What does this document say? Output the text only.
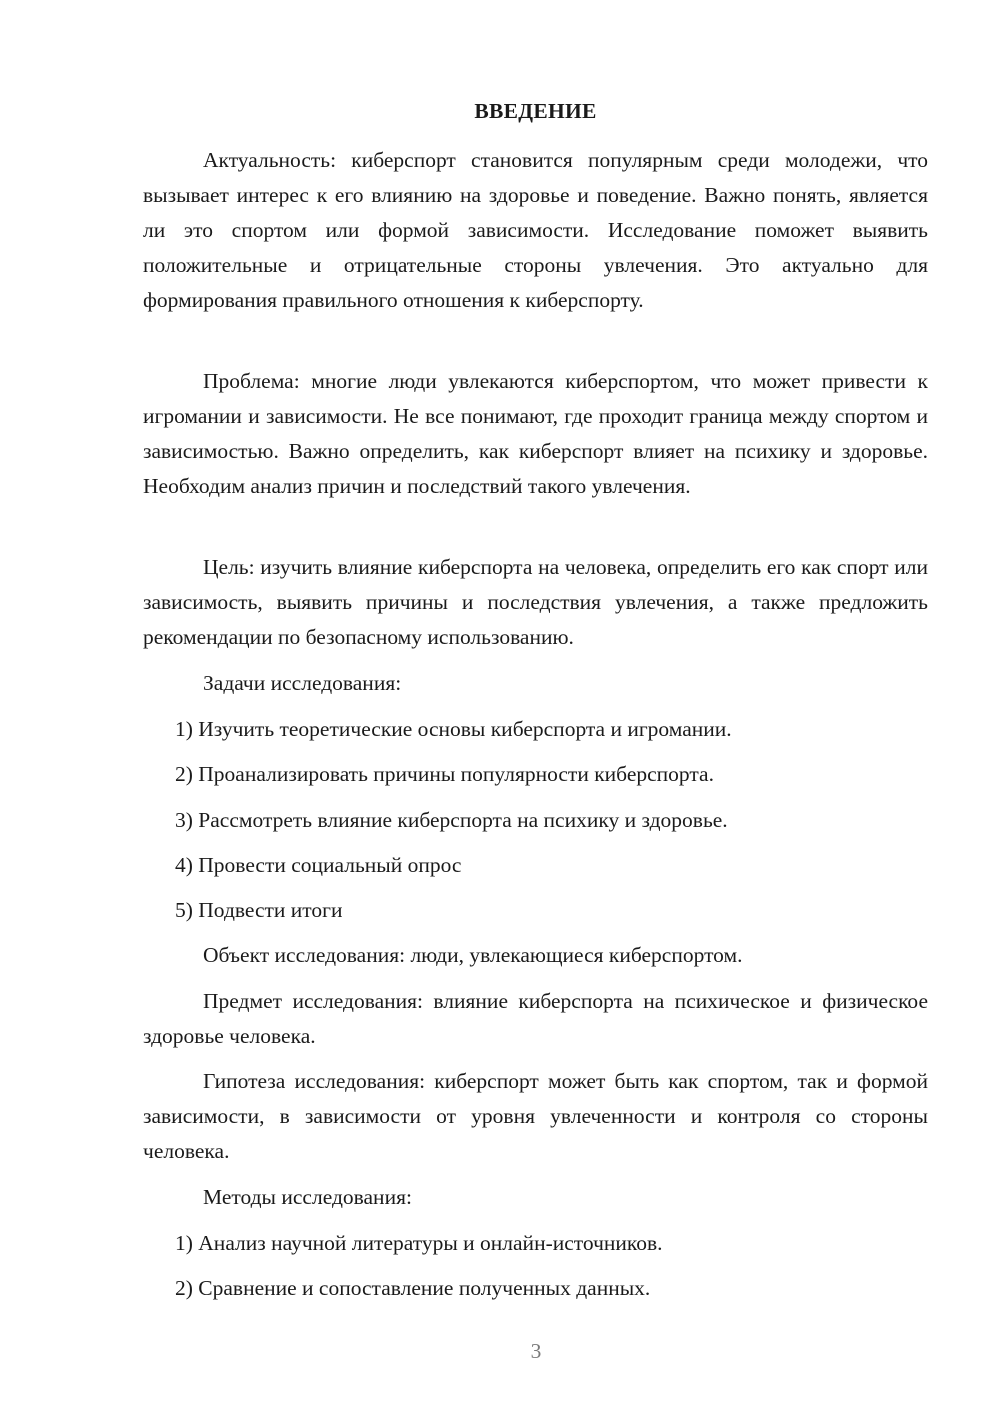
ВВЕДЕНИЕ

Актуальность: киберспорт становится популярным среди молодежи, что вызывает интерес к его влиянию на здоровье и поведение. Важно понять, является ли это спортом или формой зависимости. Исследование поможет выявить положительные и отрицательные стороны увлечения. Это актуально для формирования правильного отношения к киберспорту.

Проблема: многие люди увлекаются киберспортом, что может привести к игромании и зависимости. Не все понимают, где проходит граница между спортом и зависимостью. Важно определить, как киберспорт влияет на психику и здоровье. Необходим анализ причин и последствий такого увлечения.

Цель: изучить влияние киберспорта на человека, определить его как спорт или зависимость, выявить причины и последствия увлечения, а также предложить рекомендации по безопасному использованию.

Задачи исследования:

1) Изучить теоретические основы киберспорта и игромании.

2) Проанализировать причины популярности киберспорта.

3) Рассмотреть влияние киберспорта на психику и здоровье.

4) Провести социальный опрос

5) Подвести итоги

Объект исследования: люди, увлекающиеся киберспортом.

Предмет исследования: влияние киберспорта на психическое и физическое здоровье человека.

Гипотеза исследования: киберспорт может быть как спортом, так и формой зависимости, в зависимости от уровня увлеченности и контроля со стороны человека.

Методы исследования:

1) Анализ научной литературы и онлайн-источников.

2) Сравнение и сопоставление полученных данных.

3
